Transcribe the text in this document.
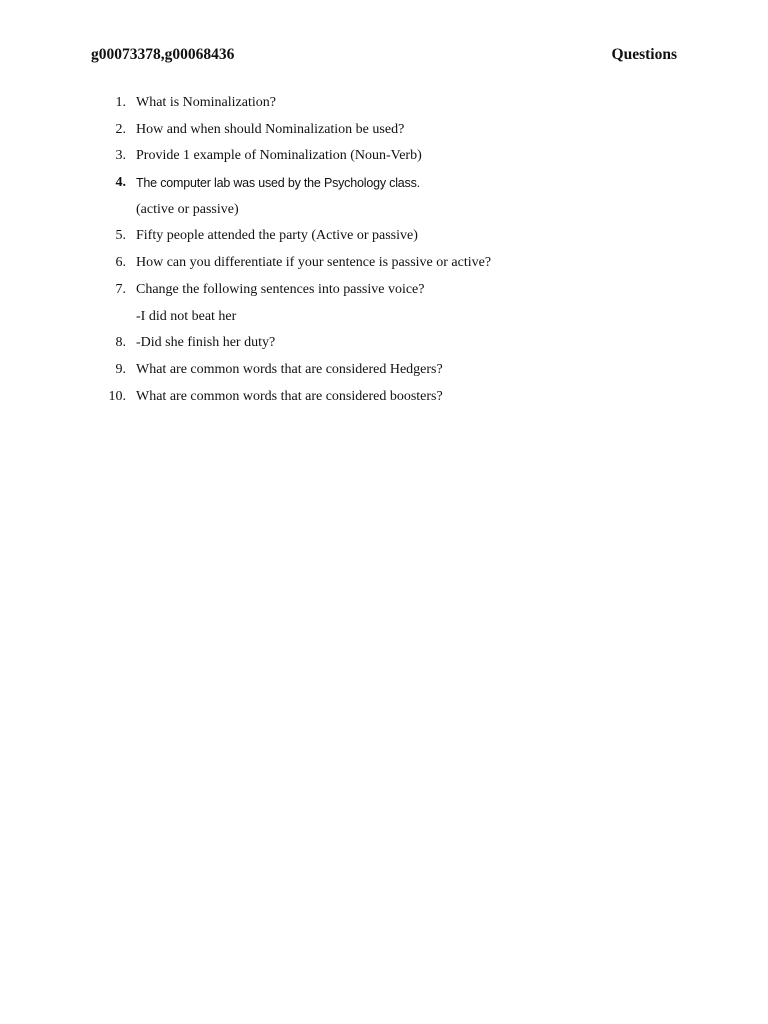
g00073378,g00068436	Questions
1. What is Nominalization?
2. How and when should Nominalization be used?
3. Provide 1 example of Nominalization (Noun-Verb)
4. The computer lab was used by the Psychology class.
(active or passive)
5. Fifty people attended the party (Active or passive)
6. How can you differentiate if your sentence is passive or active?
7. Change the following sentences into passive voice?
-I did not beat her
8. -Did she finish her duty?
9. What are common words that are considered Hedgers?
10. What are common words that are considered boosters?
